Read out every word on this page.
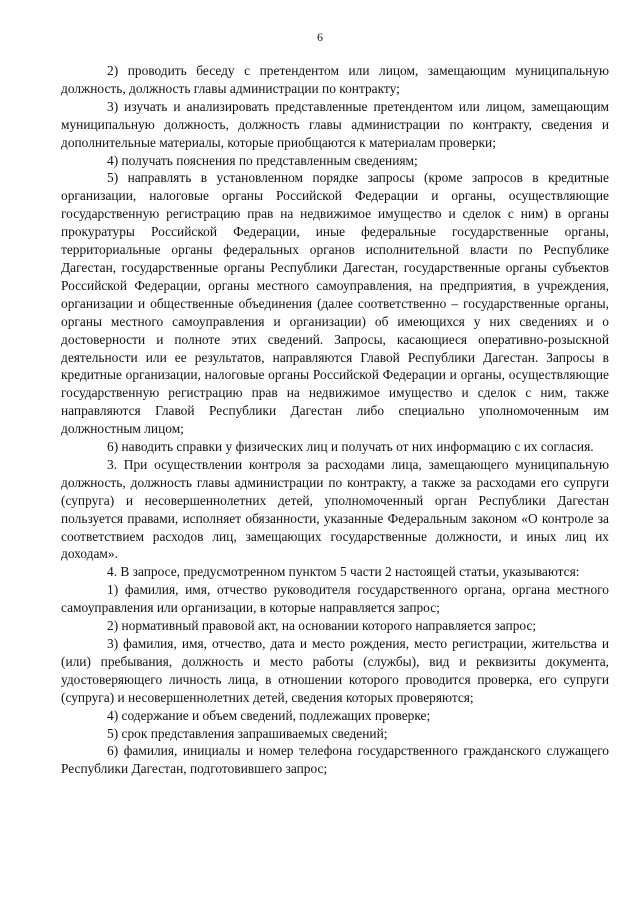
6

2) проводить беседу с претендентом или лицом, замещающим муниципальную должность, должность главы администрации по контракту;

3) изучать и анализировать представленные претендентом или лицом, замещающим муниципальную должность, должность главы администрации по контракту, сведения и дополнительные материалы, которые приобщаются к материалам проверки;

4) получать пояснения по представленным сведениям;

5) направлять в установленном порядке запросы (кроме запросов в кредитные организации, налоговые органы Российской Федерации и органы, осуществляющие государственную регистрацию прав на недвижимое имущество и сделок с ним) в органы прокуратуры Российской Федерации, иные федеральные государственные органы, территориальные органы федеральных органов исполнительной власти по Республике Дагестан, государственные органы Республики Дагестан, государственные органы субъектов Российской Федерации, органы местного самоуправления, на предприятия, в учреждения, организации и общественные объединения (далее соответственно – государственные органы, органы местного самоуправления и организации) об имеющихся у них сведениях и о достоверности и полноте этих сведений. Запросы, касающиеся оперативно-розыскной деятельности или ее результатов, направляются Главой Республики Дагестан. Запросы в кредитные организации, налоговые органы Российской Федерации и органы, осуществляющие государственную регистрацию прав на недвижимое имущество и сделок с ним, также направляются Главой Республики Дагестан либо специально уполномоченным им должностным лицом;

6) наводить справки у физических лиц и получать от них информацию с их согласия.

3. При осуществлении контроля за расходами лица, замещающего муниципальную должность, должность главы администрации по контракту, а также за расходами его супруги (супруга) и несовершеннолетних детей, уполномоченный орган Республики Дагестан пользуется правами, исполняет обязанности, указанные Федеральным законом «О контроле за соответствием расходов лиц, замещающих государственные должности, и иных лиц их доходам».

4. В запросе, предусмотренном пунктом 5 части 2 настоящей статьи, указываются:

1) фамилия, имя, отчество руководителя государственного органа, органа местного самоуправления или организации, в которые направляется запрос;

2) нормативный правовой акт, на основании которого направляется запрос;

3) фамилия, имя, отчество, дата и место рождения, место регистрации, жительства и (или) пребывания, должность и место работы (службы), вид и реквизиты документа, удостоверяющего личность лица, в отношении которого проводится проверка, его супруги (супруга) и несовершеннолетних детей, сведения которых проверяются;

4) содержание и объем сведений, подлежащих проверке;

5) срок представления запрашиваемых сведений;

6) фамилия, инициалы и номер телефона государственного гражданского служащего Республики Дагестан, подготовившего запрос;
